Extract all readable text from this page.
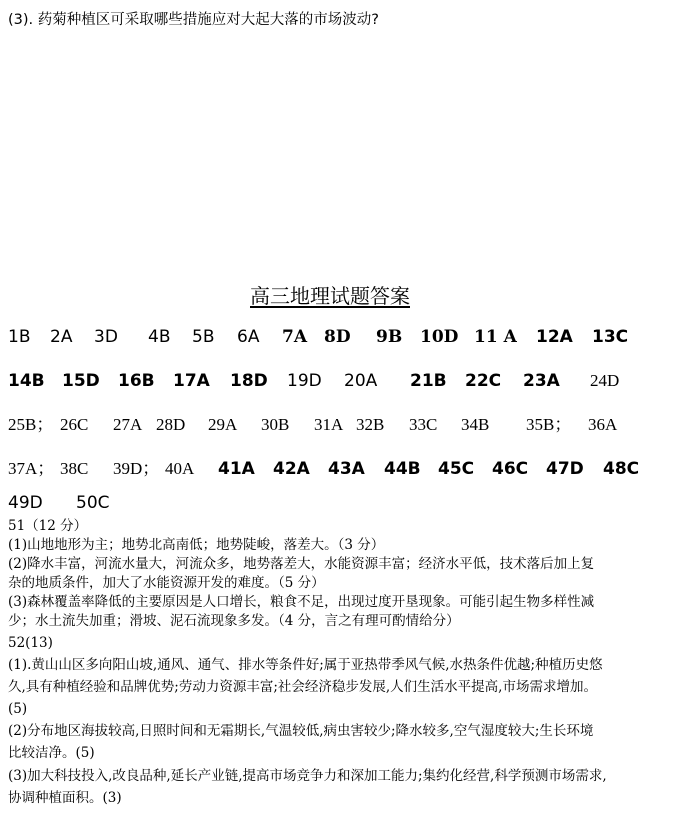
(3). 药菊种植区可采取哪些措施应对大起大落的市场波动?
高三地理试题答案
1B 2A 3D 4B 5B 6A 7A 8D 9B 10D 11 A 12A 13C
14B 15D 16B 17A 18D 19D 20A 21B 22C 23A 24D
25B； 26C 27A 28D 29A 30B 31A 32B 33C 34B 35B； 36A
37A； 38C 39D； 40A 41A 42A 43A 44B 45C 46C 47D 48C
49D 50C
51（12 分）
(1)山地地形为主；地势北高南低；地势陡峻，落差大。（3 分）
(2)降水丰富，河流水量大，河流众多，地势落差大，水能资源丰富；经济水平低，技术落后加上复
杂的地质条件，加大了水能资源开发的难度。（5 分）
(3)森林覆盖率降低的主要原因是人口增长，粮食不足，出现过度开垦现象。可能引起生物多样性减
少；水土流失加重；滑坡、泥石流现象多发。（4 分，言之有理可酌情给分）
52(13)
(1).黄山山区多向阳山坡,通风、通气、排水等条件好;属于亚热带季风气候,水热条件优越;种植历史悠
久,具有种植经验和品牌优势;劳动力资源丰富;社会经济稳步发展,人们生活水平提高,市场需求增加。
(5)
(2)分布地区海拔较高,日照时间和无霜期长,气温较低,病虫害较少;降水较多,空气湿度较大;生长环境
比较洁净。(5)
(3)加大科技投入,改良品种,延长产业链,提高市场竞争力和深加工能力;集约化经营,科学预测市场需求,
协调种植面积。(3)
